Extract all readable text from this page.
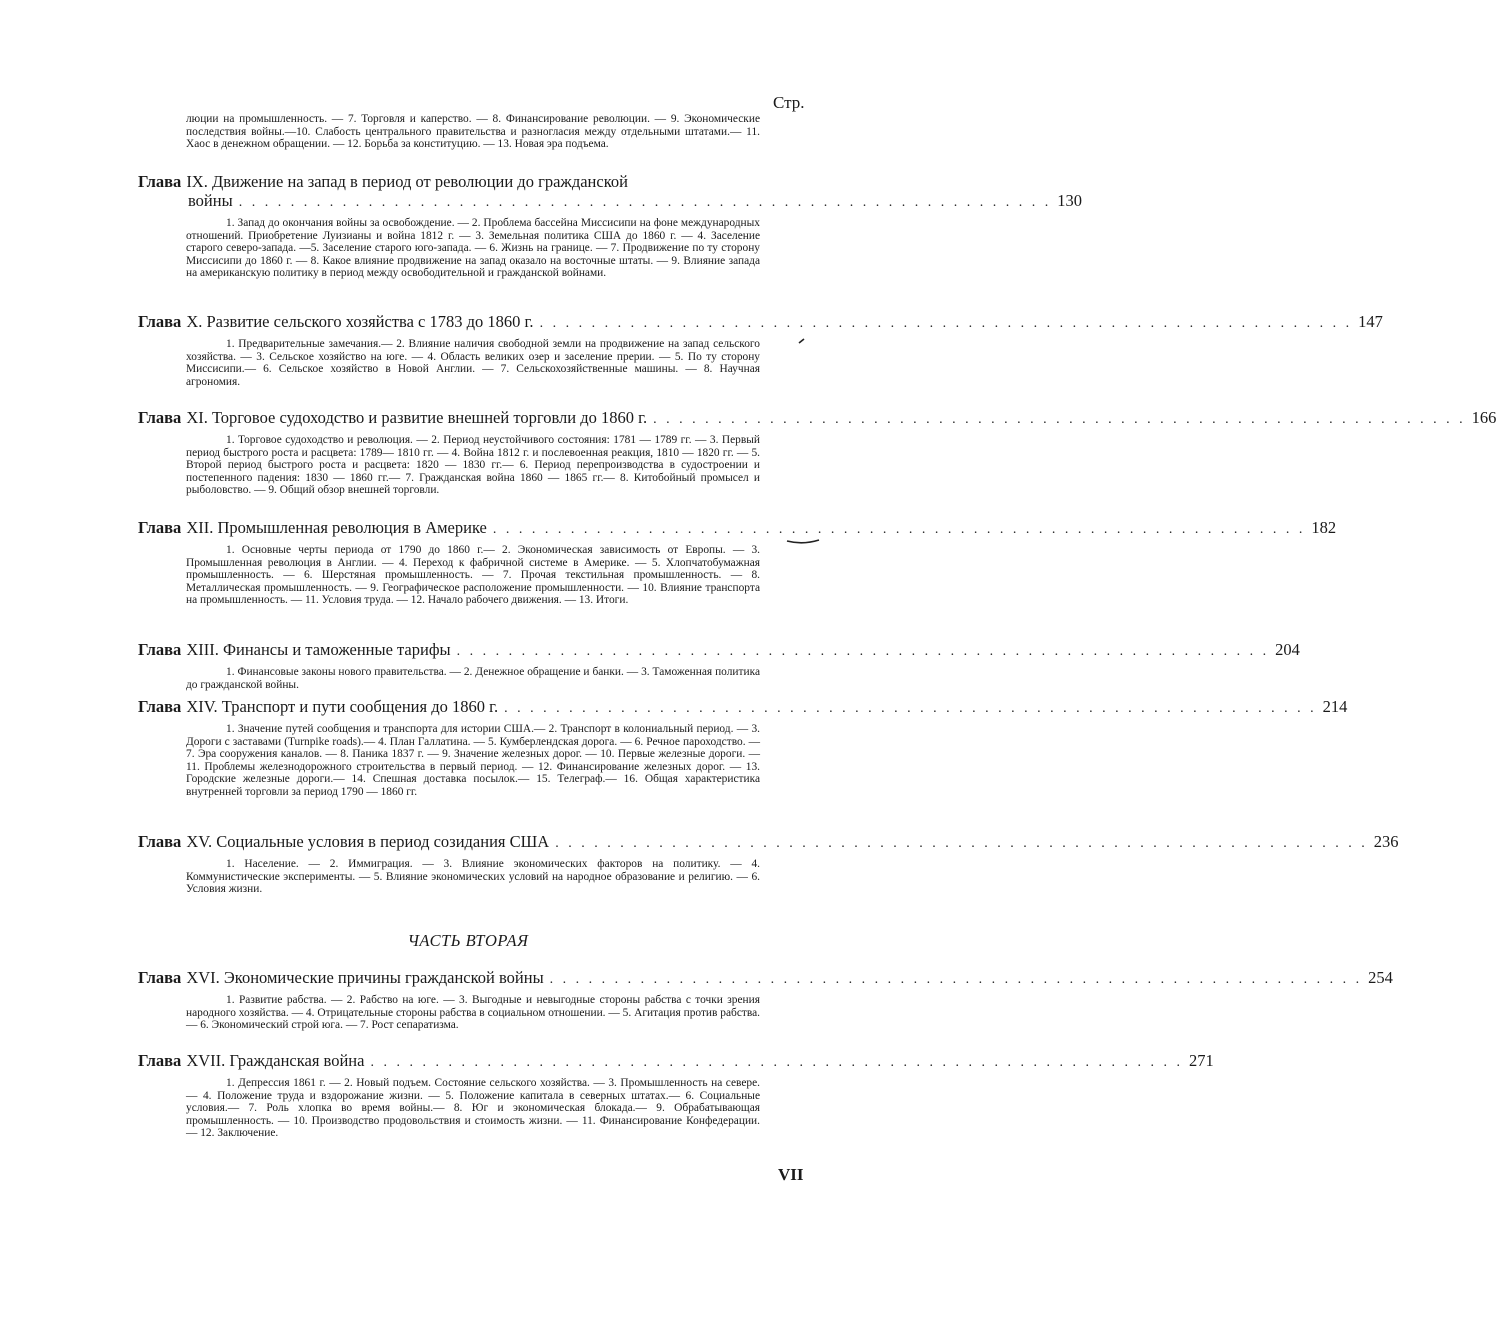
Стр.
люции на промышленность. — 7. Торговля и каперство. — 8. Финансирование революции. — 9. Экономические последствия войны.—10. Слабость центрального правительства и разногласия между отдельными штатами.— 11. Хаос в денежном обращении. — 12. Борьба за конституцию. — 13. Новая эра подъема.
Глава IX. Движение на запад в период от революции до гражданской
войны . . . . . . . . . . . . . . . . . . . . . . . . . . . . . . . . . . . . . . . . . . . . . . . . . . . . . . . . . . . . . . . 130
1. Запад до окончания войны за освобождение. — 2. Проблема бассейна Миссисипи на фоне международных отношений. Приобретение Луизианы и война 1812 г. — 3. Земельная политика США до 1860 г. — 4. Заселение старого северо-запада. —5. Заселение старого юго-запада. — 6. Жизнь на границе. — 7. Продвижение по ту сторону Миссисипи до 1860 г. — 8. Какое влияние продвижение на запад оказало на восточные штаты. — 9. Влияние запада на американскую политику в период между освободительной и гражданской войнами.
Глава X. Развитие сельского хозяйства с 1783 до 1860 г. . . . . . . . . . . . . . . . . . . . . . . . . . . . . . . . . . . . . . . . . . . . . . . . . . . . . . . . . . . . . . . . 147
1. Предварительные замечания.— 2. Влияние наличия свободной земли на продвижение на запад сельского хозяйства. — 3. Сельское хозяйство на юге. — 4. Область великих озер и заселение прерии. — 5. По ту сторону Миссисипи.— 6. Сельское хозяйство в Новой Англии. — 7. Сельскохозяйственные машины. — 8. Научная агрономия.
Глава XI. Торговое судоходство и развитие внешней торговли до 1860 г. . . . . . . . . . . . . . . . . . . . . . . . . . . . . . . . . . . . . . . . . . . . . . . . . . . . . . . . . . . . . . . . 166
1. Торговое судоходство и революция. — 2. Период неустойчивого состояния: 1781 — 1789 гг. — 3. Первый период быстрого роста и расцвета: 1789— 1810 гг. — 4. Война 1812 г. и послевоенная реакция, 1810 — 1820 гг. — 5. Второй период быстрого роста и расцвета: 1820 — 1830 гг.— 6. Период перепроизводства в судостроении и постепенного падения: 1830 — 1860 гг.— 7. Гражданская война 1860 — 1865 гг.— 8. Китобойный промысел и рыболовство. — 9. Общий обзор внешней торговли.
Глава XII. Промышленная революция в Америке . . . . . . . . . . . . . . . . . . . . . . . . . . . . . . . . . . . . . . . . . . . . . . . . . . . . . . . . . . . . . . . 182
1. Основные черты периода от 1790 до 1860 г.— 2. Экономическая зависимость от Европы. — 3. Промышленная революция в Англии. — 4. Переход к фабричной системе в Америке. — 5. Хлопчатобумажная промышленность. — 6. Шерстяная промышленность. — 7. Прочая текстильная промышленность. — 8. Металлическая промышленность. — 9. Географическое расположение промышленности. — 10. Влияние транспорта на промышленность. — 11. Условия труда. — 12. Начало рабочего движения. — 13. Итоги.
Глава XIII. Финансы и таможенные тарифы . . . . . . . . . . . . . . . . . . . . . . . . . . . . . . . . . . . . . . . . . . . . . . . . . . . . . . . . . . . . . . . 204
1. Финансовые законы нового правительства. — 2. Денежное обращение и банки. — 3. Таможенная политика до гражданской войны.
Глава XIV. Транспорт и пути сообщения до 1860 г. . . . . . . . . . . . . . . . . . . . . . . . . . . . . . . . . . . . . . . . . . . . . . . . . . . . . . . . . . . . . . . . 214
1. Значение путей сообщения и транспорта для истории США.— 2. Транспорт в колониальный период. — 3. Дороги с заставами (Turnpike roads).— 4. План Галлатина. — 5. Кумберлендская дорога. — 6. Речное пароходство. — 7. Эра сооружения каналов. — 8. Паника 1837 г. — 9. Значение железных дорог. — 10. Первые железные дороги. — 11. Проблемы железнодорожного строительства в первый период. — 12. Финансирование железных дорог. — 13. Городские железные дороги.— 14. Спешная доставка посылок.— 15. Телеграф.— 16. Общая характеристика внутренней торговли за период 1790 — 1860 гг.
Глава XV. Социальные условия в период созидания США . . . . . . . . . . . . . . . . . . . . . . . . . . . . . . . . . . . . . . . . . . . . . . . . . . . . . . . . . . . . . . . 236
1. Население. — 2. Иммиграция. — 3. Влияние экономических факторов на политику. — 4. Коммунистические эксперименты. — 5. Влияние экономических условий на народное образование и религию. — 6. Условия жизни.
ЧАСТЬ ВТОРАЯ
Глава XVI. Экономические причины гражданской войны . . . . . . . . . . . . . . . . . . . . . . . . . . . . . . . . . . . . . . . . . . . . . . . . . . . . . . . . . . . . . . . 254
1. Развитие рабства. — 2. Рабство на юге. — 3. Выгодные и невыгодные стороны рабства с точки зрения народного хозяйства. — 4. Отрицательные стороны рабства в социальном отношении. — 5. Агитация против рабства. — 6. Экономический строй юга. — 7. Рост сепаратизма.
Глава XVII. Гражданская война . . . . . . . . . . . . . . . . . . . . . . . . . . . . . . . . . . . . . . . . . . . . . . . . . . . . . . . . . . . . . . . 271
1. Депрессия 1861 г. — 2. Новый подъем. Состояние сельского хозяйства. — 3. Промышленность на севере. — 4. Положение труда и вздорожание жизни. — 5. Положение капитала в северных штатах.— 6. Социальные условия.— 7. Роль хлопка во время войны.— 8. Юг и экономическая блокада.— 9. Обрабатывающая промышленность. — 10. Производство продовольствия и стоимость жизни. — 11. Финансирование Конфедерации. — 12. Заключение.
VII
